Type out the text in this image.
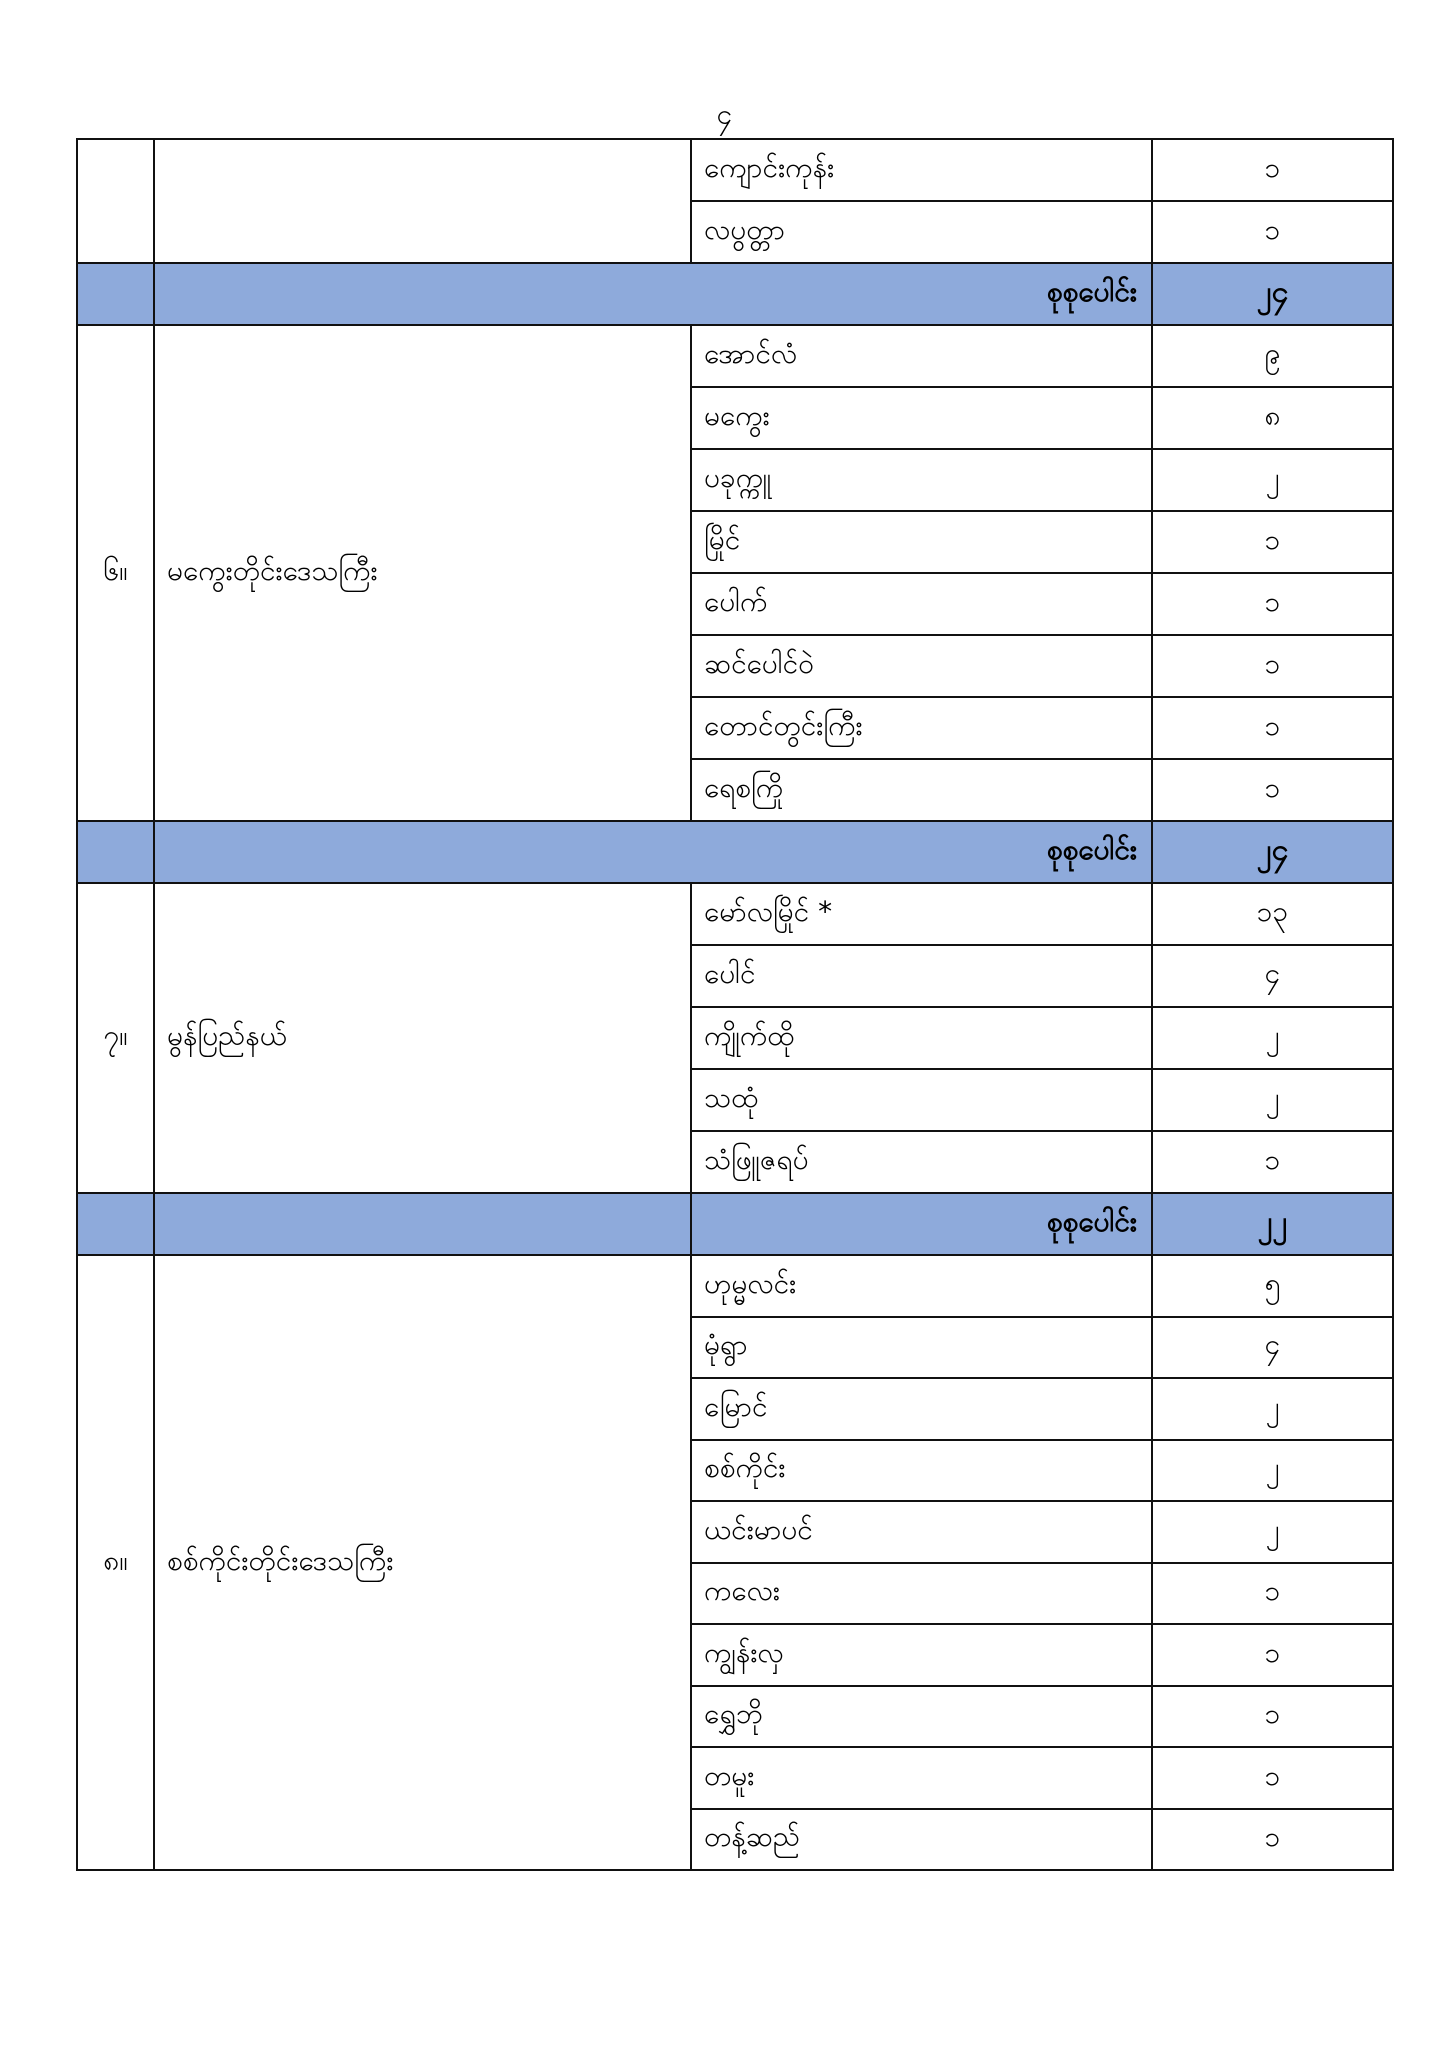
၄
		ကျောင်းကုန်း	၁
		လပွတ္တာ	၁
	စုစုပေါင်း		၂၄
၆။	မကွေးတိုင်းဒေသကြီး	အောင်လံ	၉
		မကွေး	၈
		ပခုက္ကူ	၂
		မြိုင်	၁
		ပေါက်	၁
		ဆင်ပေါင်ဝဲ	၁
		တောင်တွင်းကြီး	၁
		ရေစကြို	၁
	စုစုပေါင်း		၂၄
၇။	မွန်ပြည်နယ်	မော်လမြိုင် *	၁၃
		ပေါင်	၄
		ကျိုက်ထို	၂
		သထုံ	၂
		သံဖြူဇရပ်	၁
		စုစုပေါင်း	၂၂
၈။	စစ်ကိုင်းတိုင်းဒေသကြီး	ဟုမ္မလင်း	၅
		မုံရွာ	၄
		မြောင်	၂
		စစ်ကိုင်း	၂
		ယင်းမာပင်	၂
		ကလေး	၁
		ကျွန်းလှ	၁
		ရွှေဘို	၁
		တမူး	၁
		တန့်ဆည်	၁
